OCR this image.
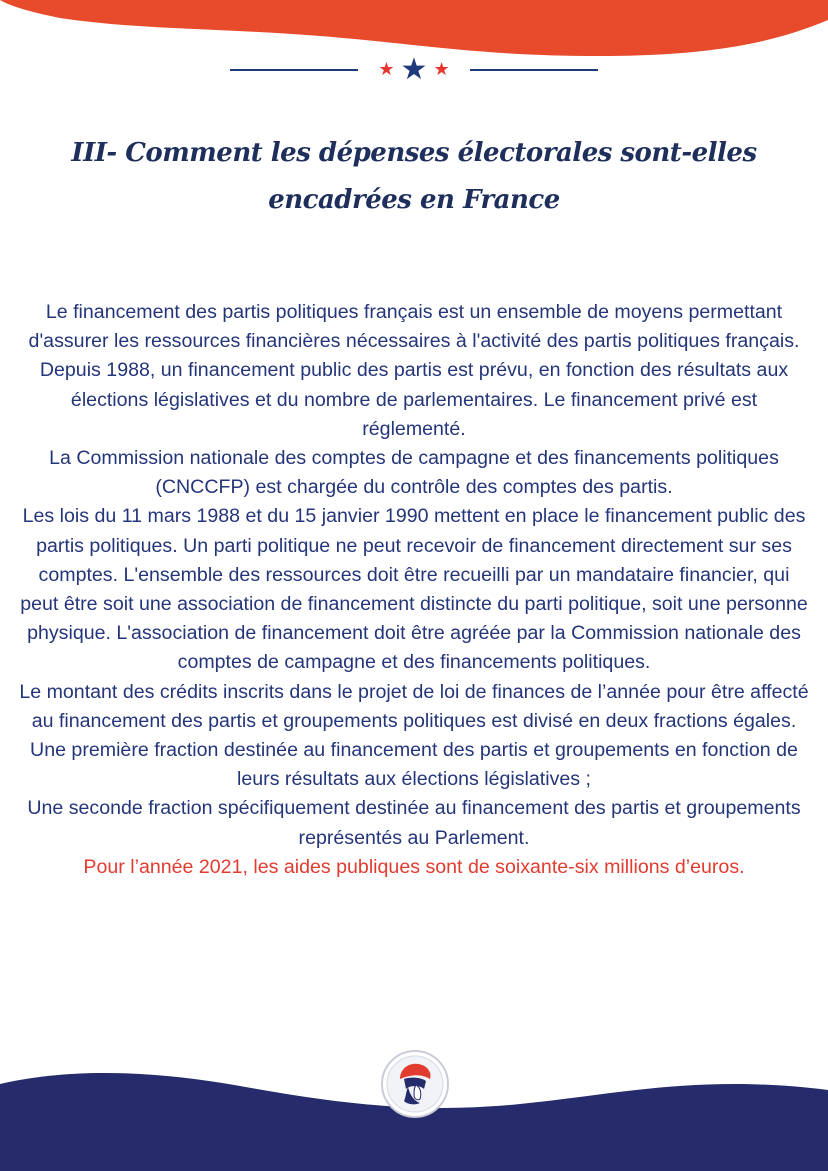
★ ★ ★
III- Comment les dépenses électorales sont-elles encadrées en France

Le financement des partis politiques français est un ensemble de moyens permettant d'assurer les ressources financières nécessaires à l'activité des partis politiques français.

Depuis 1988, un financement public des partis est prévu, en fonction des résultats aux élections législatives et du nombre de parlementaires. Le financement privé est réglementé.

La Commission nationale des comptes de campagne et des financements politiques (CNCCFP) est chargée du contrôle des comptes des partis.

Les lois du 11 mars 1988 et du 15 janvier 1990 mettent en place le financement public des partis politiques. Un parti politique ne peut recevoir de financement directement sur ses comptes. L'ensemble des ressources doit être recueilli par un mandataire financier, qui peut être soit une association de financement distincte du parti politique, soit une personne physique. L'association de financement doit être agréée par la Commission nationale des comptes de campagne et des financements politiques.

Le montant des crédits inscrits dans le projet de loi de finances de l’année pour être affecté au financement des partis et groupements politiques est divisé en deux fractions égales.

Une première fraction destinée au financement des partis et groupements en fonction de leurs résultats aux élections législatives ;

Une seconde fraction spécifiquement destinée au financement des partis et groupements représentés au Parlement.

Pour l’année 2021, les aides publiques sont de soixante-six millions d’euros.
